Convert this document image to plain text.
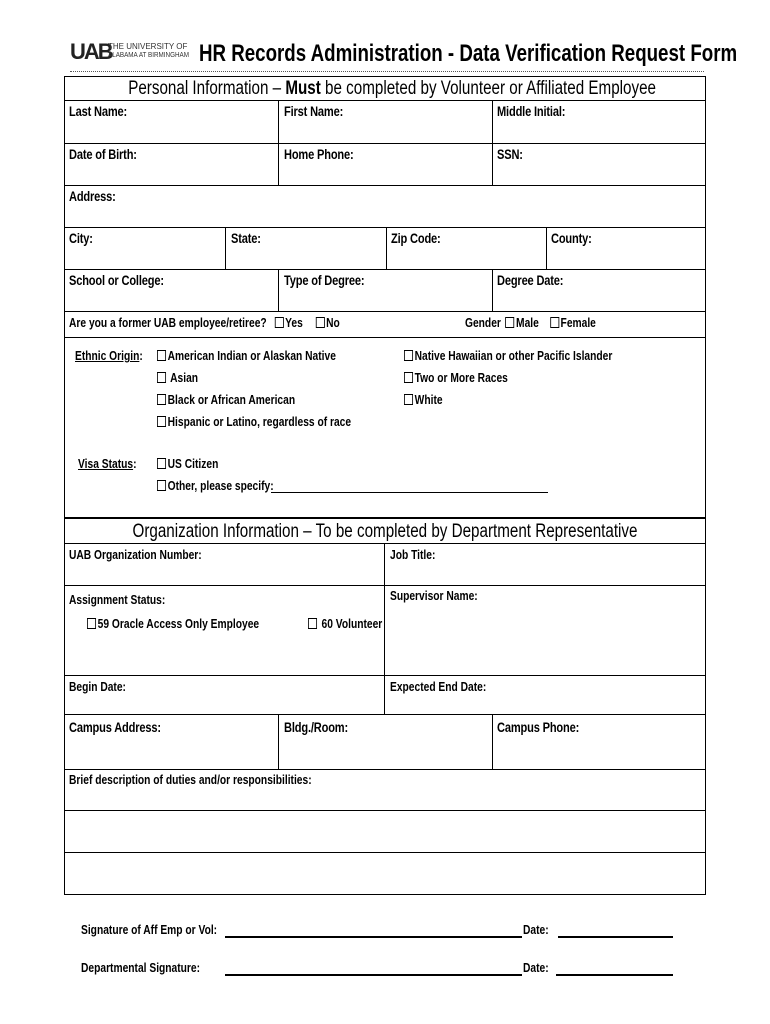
UAB
THE UNIVERSITY OF
ALABAMA AT BIRMINGHAM HR Records Administration - Data Verification Request Form
Personal Information – Must be completed by Volunteer or Affiliated Employee
Last Name:	First Name:	Middle Initial:
Date of Birth:	Home Phone:	SSN:
Address:
City:	State:	Zip Code:	County:
School or College:	Type of Degree:	Degree Date:
Are you a former UAB employee/retiree? Yes No	Gender Male Female
Ethnic Origin:	American Indian or Alaskan Native
Asian
Black or African American
Hispanic or Latino, regardless of race
Native Hawaiian or other Pacific Islander
Two or More Races
White
Visa Status:	US Citizen
Other, please specify:
Organization Information – To be completed by Department Representative
UAB Organization Number:	Job Title:
Assignment Status:	Supervisor Name:
59 Oracle Access Only Employee	60 Volunteer
Begin Date:	Expected End Date:
Campus Address:	Bldg./Room:	Campus Phone:
Brief description of duties and/or responsibilities:
Signature of Aff Emp or Vol:	Date:
Departmental Signature:	Date:
